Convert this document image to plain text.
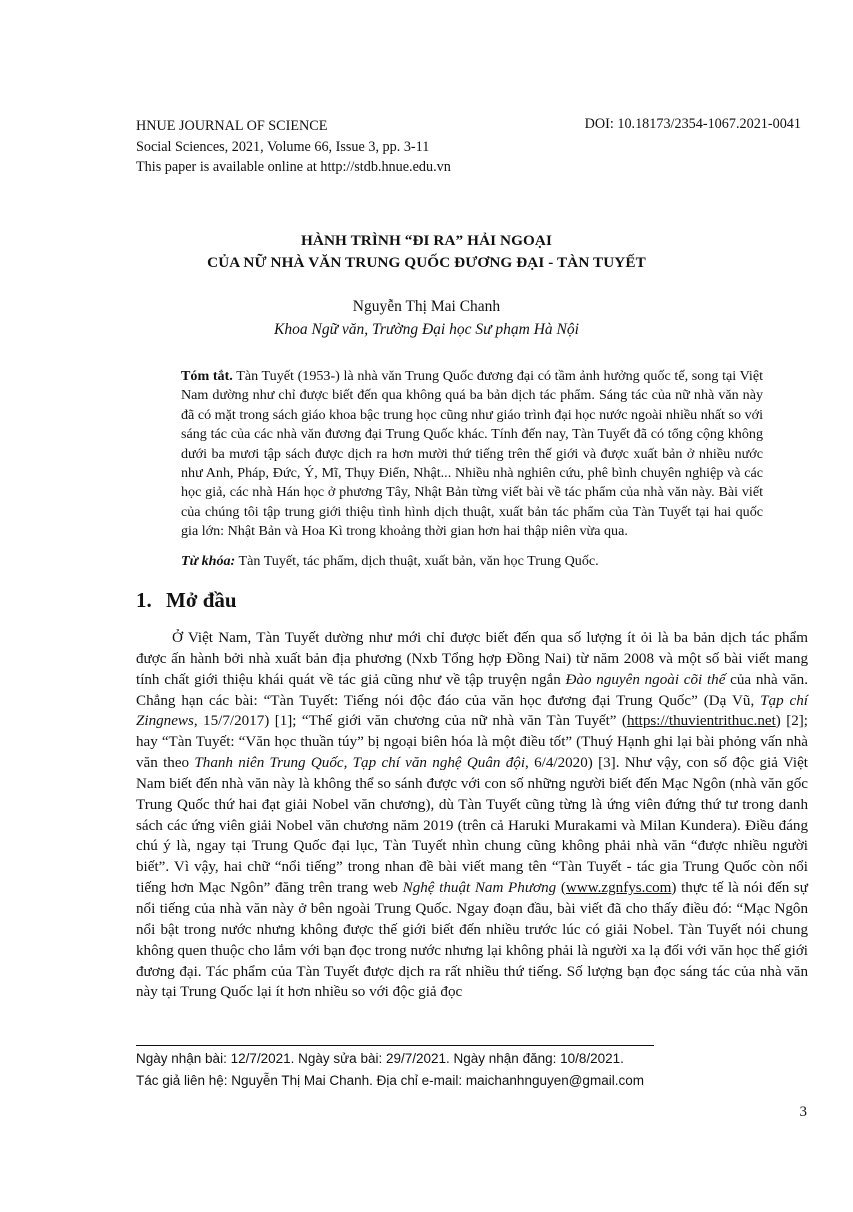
HNUE JOURNAL OF SCIENCE	DOI: 10.18173/2354-1067.2021-0041
Social Sciences, 2021, Volume 66, Issue 3, pp. 3-11
This paper is available online at http://stdb.hnue.edu.vn
HÀNH TRÌNH “ĐI RA” HẢI NGOẠI
CỦA NỮ NHÀ VĂN TRUNG QUỐC ĐƯƠNG ĐẠI - TÀN TUYẾT
Nguyễn Thị Mai Chanh
Khoa Ngữ văn, Trường Đại học Sư phạm Hà Nội
Tóm tắt. Tàn Tuyết (1953-) là nhà văn Trung Quốc đương đại có tầm ảnh hưởng quốc tế, song tại Việt Nam dường như chỉ được biết đến qua không quá ba bản dịch tác phẩm. Sáng tác của nữ nhà văn này đã có mặt trong sách giáo khoa bậc trung học cũng như giáo trình đại học nước ngoài nhiều nhất so với sáng tác của các nhà văn đương đại Trung Quốc khác. Tính đến nay, Tàn Tuyết đã có tổng cộng không dưới ba mươi tập sách được dịch ra hơn mười thứ tiếng trên thế giới và được xuất bản ở nhiều nước như Anh, Pháp, Đức, Ý, Mĩ, Thụy Điển, Nhật... Nhiều nhà nghiên cứu, phê bình chuyên nghiệp và các học giả, các nhà Hán học ở phương Tây, Nhật Bản từng viết bài về tác phẩm của nhà văn này. Bài viết của chúng tôi tập trung giới thiệu tình hình dịch thuật, xuất bản tác phẩm của Tàn Tuyết tại hai quốc gia lớn: Nhật Bản và Hoa Kì trong khoảng thời gian hơn hai thập niên vừa qua.
Từ khóa: Tàn Tuyết, tác phẩm, dịch thuật, xuất bản, văn học Trung Quốc.
1. Mở đầu

Ở Việt Nam, Tàn Tuyết dường như mới chỉ được biết đến qua số lượng ít ỏi là ba bản dịch tác phẩm được ấn hành bởi nhà xuất bản địa phương (Nxb Tổng hợp Đồng Nai) từ năm 2008 và một số bài viết mang tính chất giới thiệu khái quát về tác giả cũng như về tập truyện ngắn Đào nguyên ngoài cõi thế của nhà văn. Chẳng hạn các bài: “Tàn Tuyết: Tiếng nói độc đáo của văn học đương đại Trung Quốc” (Dạ Vũ, Tạp chí Zingnews, 15/7/2017) [1]; “Thế giới văn chương của nữ nhà văn Tàn Tuyết” (https://thuvientrithuc.net) [2]; hay “Tàn Tuyết: “Văn học thuần túy” bị ngoại biên hóa là một điều tốt” (Thuý Hạnh ghi lại bài phỏng vấn nhà văn theo Thanh niên Trung Quốc, Tạp chí văn nghệ Quân đội, 6/4/2020) [3]. Như vậy, con số độc giả Việt Nam biết đến nhà văn này là không thể so sánh được với con số những người biết đến Mạc Ngôn (nhà văn gốc Trung Quốc thứ hai đạt giải Nobel văn chương), dù Tàn Tuyết cũng từng là ứng viên đứng thứ tư trong danh sách các ứng viên giải Nobel văn chương năm 2019 (trên cả Haruki Murakami và Milan Kundera). Điều đáng chú ý là, ngay tại Trung Quốc đại lục, Tàn Tuyết nhìn chung cũng không phải nhà văn “được nhiều người biết”. Vì vậy, hai chữ “nổi tiếng” trong nhan đề bài viết mang tên “Tàn Tuyết - tác gia Trung Quốc còn nổi tiếng hơn Mạc Ngôn” đăng trên trang web Nghệ thuật Nam Phương (www.zgnfys.com) thực tế là nói đến sự nổi tiếng của nhà văn này ở bên ngoài Trung Quốc. Ngay đoạn đầu, bài viết đã cho thấy điều đó: “Mạc Ngôn nổi bật trong nước nhưng không được thế giới biết đến nhiều trước lúc có giải Nobel. Tàn Tuyết nói chung không quen thuộc cho lắm với bạn đọc trong nước nhưng lại không phải là người xa lạ đối với văn học thế giới đương đại. Tác phẩm của Tàn Tuyết được dịch ra rất nhiều thứ tiếng. Số lượng bạn đọc sáng tác của nhà văn này tại Trung Quốc lại ít hơn nhiều so với độc giả đọc

Ngày nhận bài: 12/7/2021. Ngày sửa bài: 29/7/2021. Ngày nhận đăng: 10/8/2021.
Tác giả liên hệ: Nguyễn Thị Mai Chanh. Địa chỉ e-mail: maichanhnguyen@gmail.com
3
